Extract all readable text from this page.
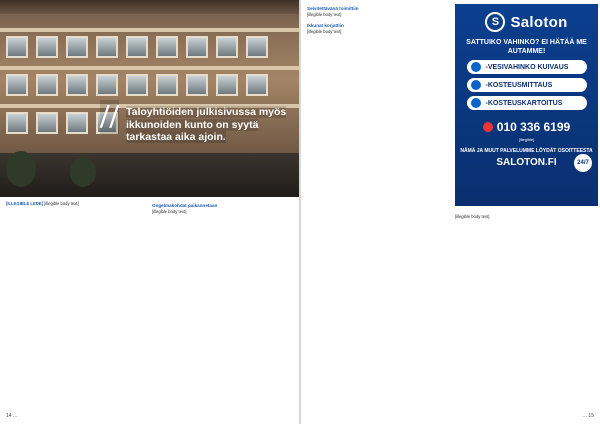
// Taloyhtiöiden julkisivussa myös ikkunoiden kunto on syytä tarkastaa aika ajoin.
[ILLEGIBLE LEDE] [illegible body text]	Ongelmakohdat paikannetaan
[illegible body text]
14 ...
Selvitettävänä toimittiin
[illegible body text]
Ikkunat korjattiin
[illegible body text]
S Saloton
SATTUIKO VAHINKO? EI HÄTÄÄ ME AUTAMME!
-VESIVAHINKO KUIVAUS
-KOSTEUSMITTAUS
-KOSTEUSKARTOITUS
010 336 6199
24/7
[illegible]
NÄMÄ JA MUUT PALVELUMME LÖYDÄT OSOITTEESTA
SALOTON.FI
[illegible body text]
... 15
